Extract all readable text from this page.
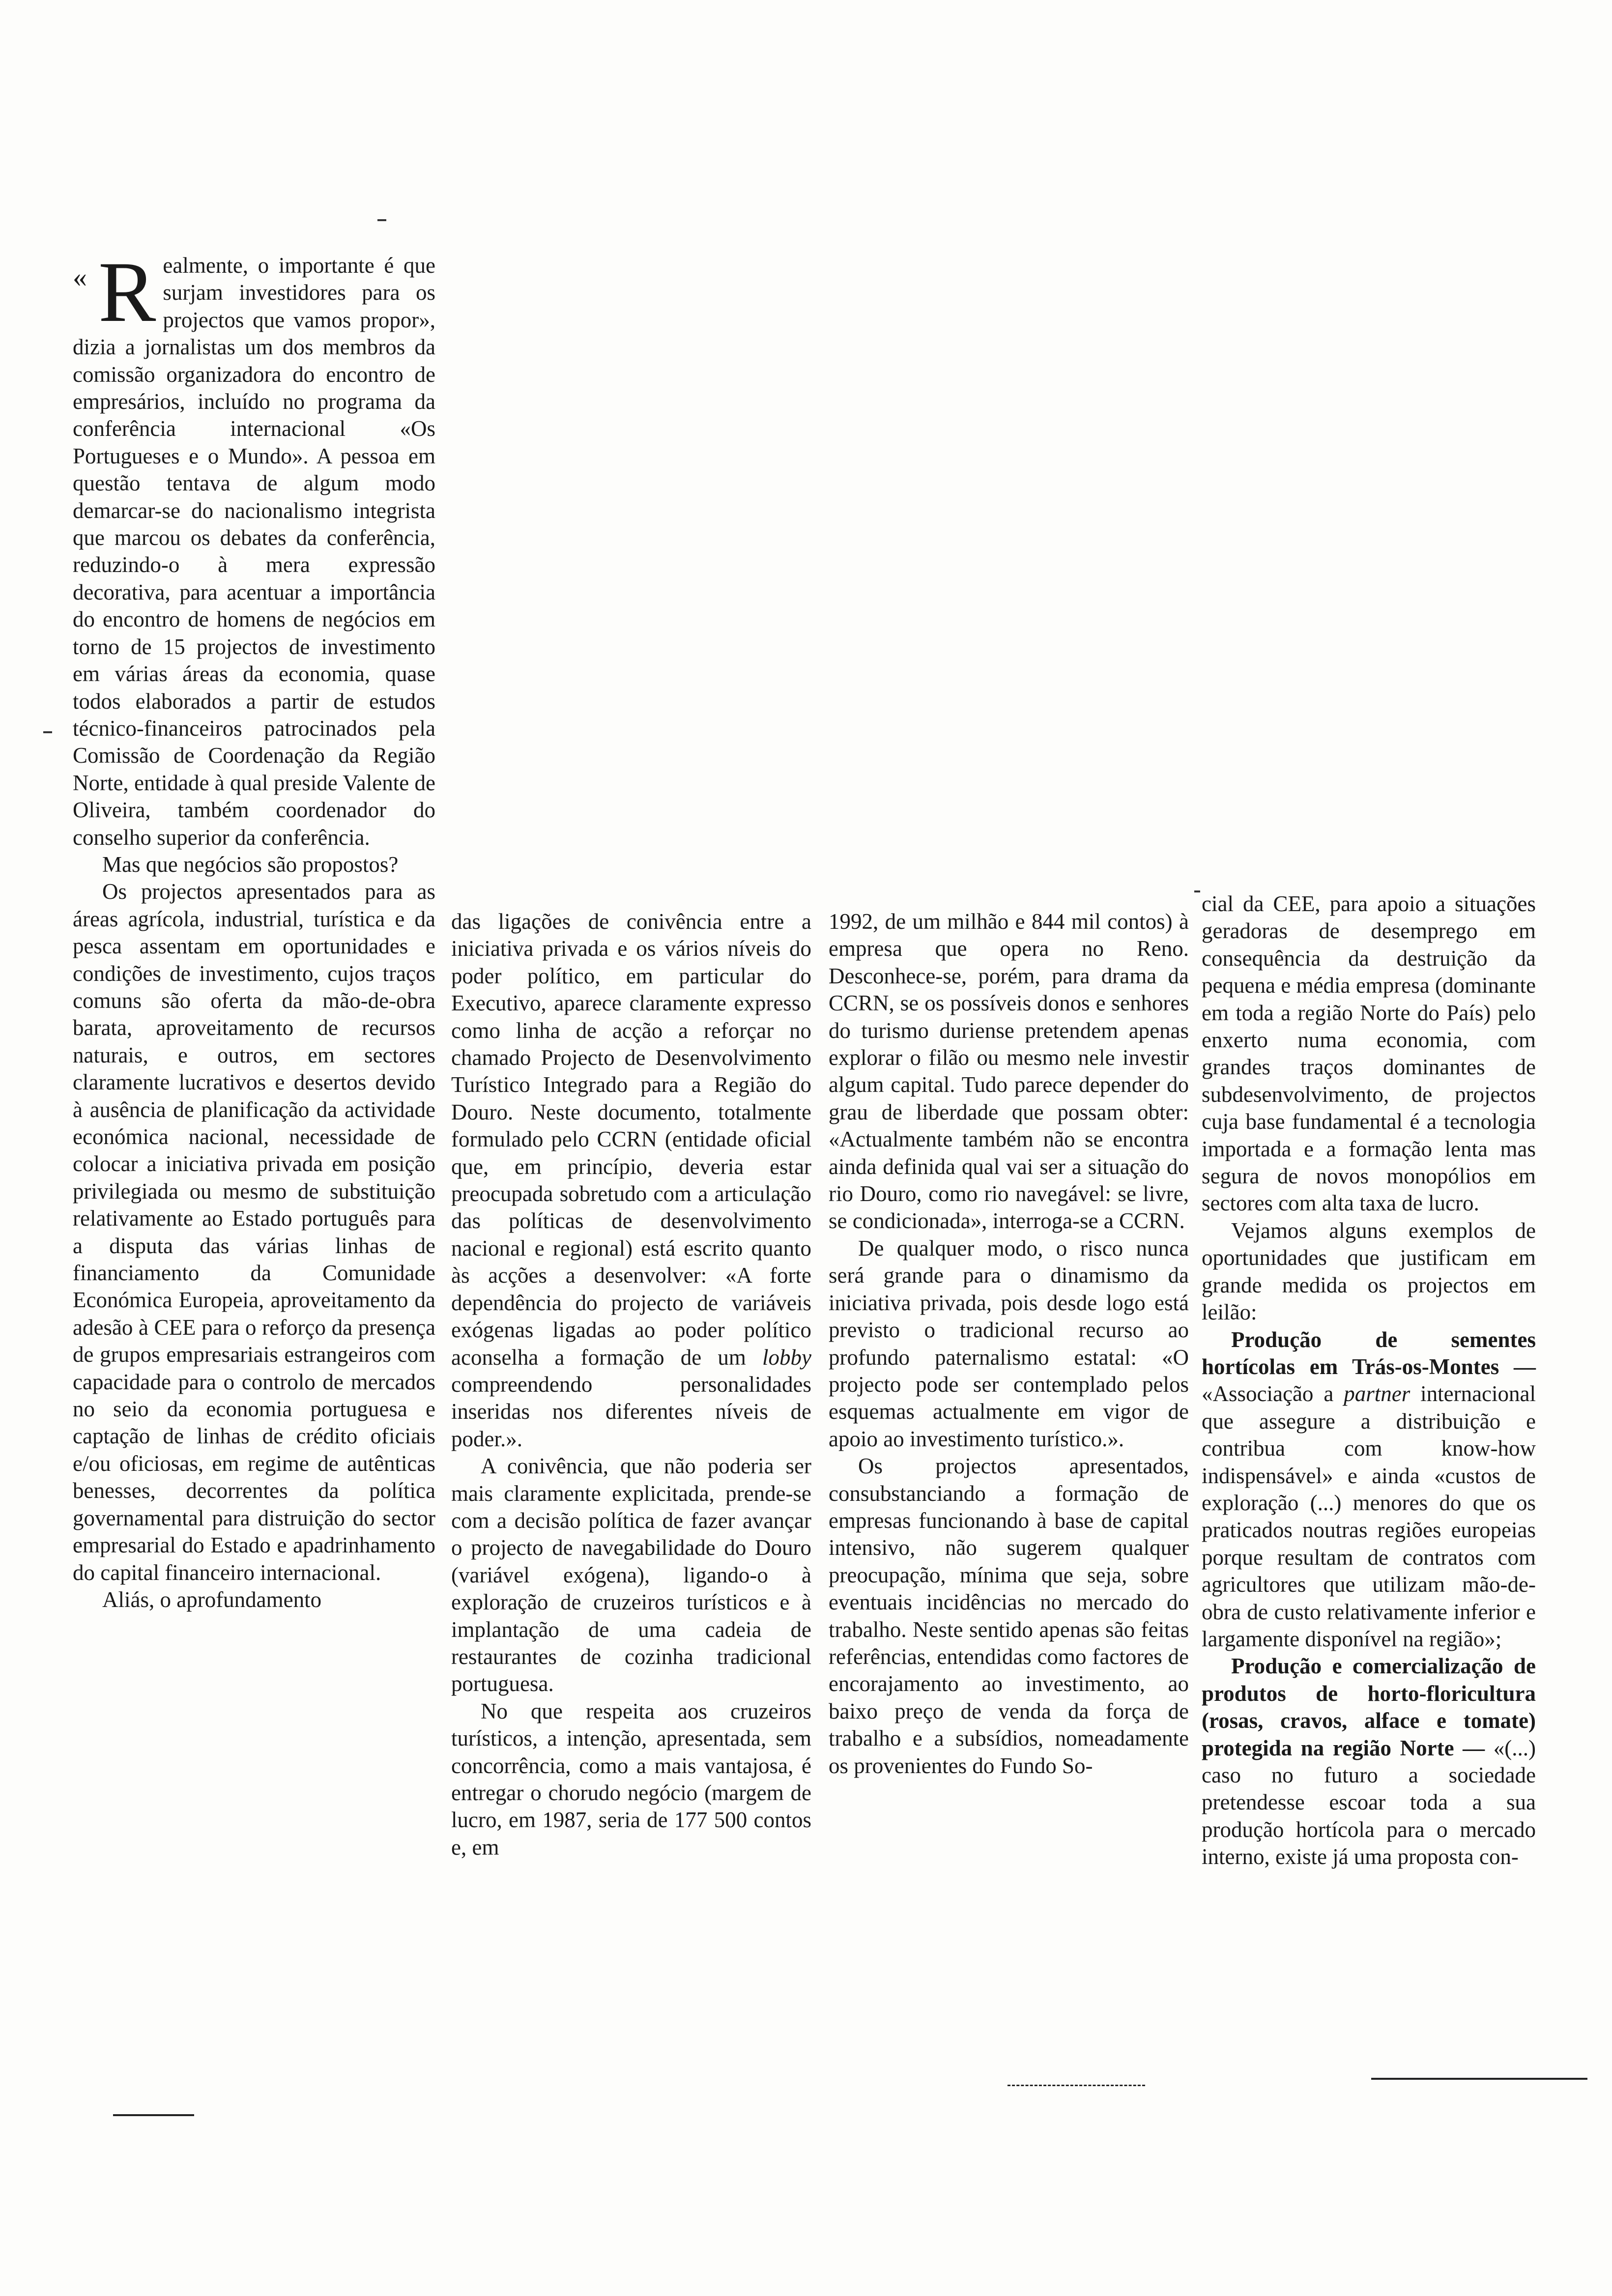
« Realmente, o importante é que surjam investidores para os projectos que vamos propor», dizia a jornalistas um dos membros da comissão organizadora do encontro de empresários, incluído no programa da conferência internacional «Os Portugueses e o Mundo». A pessoa em questão tentava de algum modo demarcar-se do nacionalismo integrista que marcou os debates da conferência, reduzindo-o à mera expressão decorativa, para acentuar a importância do encontro de homens de negócios em torno de 15 projectos de investimento em várias áreas da economia, quase todos elaborados a partir de estudos técnico-financeiros patrocinados pela Comissão de Coordenação da Região Norte, entidade à qual preside Valente de Oliveira, também coordenador do conselho superior da conferência.

Mas que negócios são propostos?

Os projectos apresentados para as áreas agrícola, industrial, turística e da pesca assentam em oportunidades e condições de investimento, cujos traços comuns são oferta da mão-de-obra barata, aproveitamento de recursos naturais, e outros, em sectores claramente lucrativos e desertos devido à ausência de planificação da actividade económica nacional, necessidade de colocar a iniciativa privada em posição privilegiada ou mesmo de substituição relativamente ao Estado português para a disputa das várias linhas de financiamento da Comunidade Económica Europeia, aproveitamento da adesão à CEE para o reforço da presença de grupos empresariais estrangeiros com capacidade para o controlo de mercados no seio da economia portuguesa e captação de linhas de crédito oficiais e/ou oficiosas, em regime de autênticas benesses, decorrentes da política governamental para distruição do sector empresarial do Estado e apadrinhamento do capital financeiro internacional.

Aliás, o aprofundamento

das ligações de conivência entre a iniciativa privada e os vários níveis do poder político, em particular do Executivo, aparece claramente expresso como linha de acção a reforçar no chamado Projecto de Desenvolvimento Turístico Integrado para a Região do Douro. Neste documento, totalmente formulado pelo CCRN (entidade oficial que, em princípio, deveria estar preocupada sobretudo com a articulação das políticas de desenvolvimento nacional e regional) está escrito quanto às acções a desenvolver: «A forte dependência do projecto de variáveis exógenas ligadas ao poder político aconselha a formação de um lobby compreendendo personalidades inseridas nos diferentes níveis de poder.».

A conivência, que não poderia ser mais claramente explicitada, prende-se com a decisão política de fazer avançar o projecto de navegabilidade do Douro (variável exógena), ligando-o à exploração de cruzeiros turísticos e à implantação de uma cadeia de restaurantes de cozinha tradicional portuguesa.

No que respeita aos cruzeiros turísticos, a intenção, apresentada, sem concorrência, como a mais vantajosa, é entregar o chorudo negócio (margem de lucro, em 1987, seria de 177 500 contos e, em

1992, de um milhão e 844 mil contos) à empresa que opera no Reno. Desconhece-se, porém, para drama da CCRN, se os possíveis donos e senhores do turismo duriense pretendem apenas explorar o filão ou mesmo nele investir algum capital. Tudo parece depender do grau de liberdade que possam obter: «Actualmente também não se encontra ainda definida qual vai ser a situação do rio Douro, como rio navegável: se livre, se condicionada», interroga-se a CCRN.

De qualquer modo, o risco nunca será grande para o dinamismo da iniciativa privada, pois desde logo está previsto o tradicional recurso ao profundo paternalismo estatal: «O projecto pode ser contemplado pelos esquemas actualmente em vigor de apoio ao investimento turístico.».

Os projectos apresentados, consubstanciando a formação de empresas funcionando à base de capital intensivo, não sugerem qualquer preocupação, mínima que seja, sobre eventuais incidências no mercado do trabalho. Neste sentido apenas são feitas referências, entendidas como factores de encorajamento ao investimento, ao baixo preço de venda da força de trabalho e a subsídios, nomeadamente os provenientes do Fundo So-

cial da CEE, para apoio a situações geradoras de desemprego em consequência da destruição da pequena e média empresa (dominante em toda a região Norte do País) pelo enxerto numa economia, com grandes traços dominantes de subdesenvolvimento, de projectos cuja base fundamental é a tecnologia importada e a formação lenta mas segura de novos monopólios em sectores com alta taxa de lucro.

Vejamos alguns exemplos de oportunidades que justificam em grande medida os projectos em leilão:

Produção de sementes hortícolas em Trás-os-Montes — «Associação a partner internacional que assegure a distribuição e contribua com know-how indispensável» e ainda «custos de exploração (...) menores do que os praticados noutras regiões europeias porque resultam de contratos com agricultores que utilizam mão-de-obra de custo relativamente inferior e largamente disponível na região»;

Produção e comercialização de produtos de horto-floricultura (rosas, cravos, alface e tomate) protegida na região Norte — «(...) caso no futuro a sociedade pretendesse escoar toda a sua produção hortícola para o mercado interno, existe já uma proposta con-
